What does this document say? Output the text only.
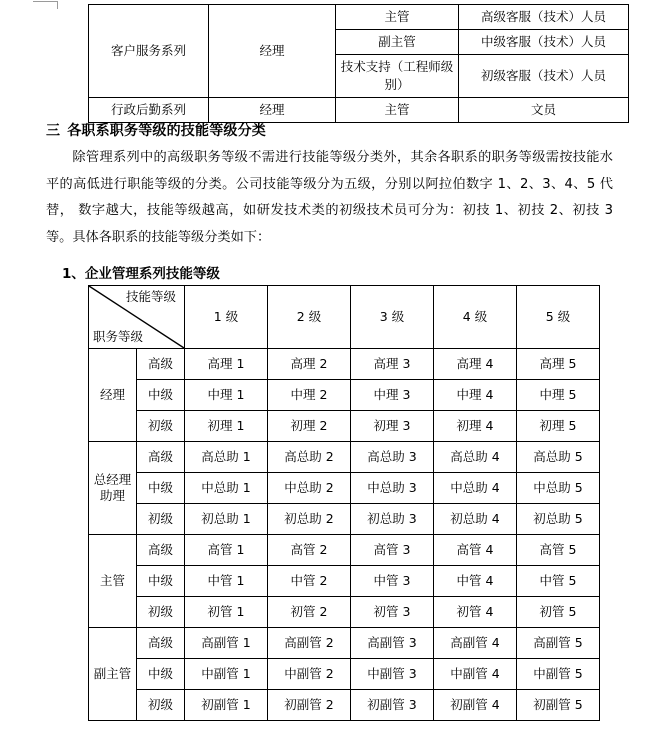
客户服务系列	经理	主管	高级客服（技术）人员
		副主管	中级客服（技术）人员
		技术支持（工程师级别）	初级客服（技术）人员
行政后勤系列	经理	主管	文员
三 各职系职务等级的技能等级分类
除管理系列中的高级职务等级不需进行技能等级分类外，其余各职系的职务等级需按技能水平的高低进行职能等级的分类。公司技能等级分为五级，分别以阿拉伯数字 1、2、3、4、5 代替， 数字越大，技能等级越高，如研发技术类的初级技术员可分为：初技 1、初技 2、初技 3 等。具体各职系的技能等级分类如下：
1、企业管理系列技能等级
技能等级
职务等级		1 级	2 级	3 级	4 级	5 级
经理	高级	高理 1	高理 2	高理 3	高理 4	高理 5
	中级	中理 1	中理 2	中理 3	中理 4	中理 5
	初级	初理 1	初理 2	初理 3	初理 4	初理 5
总经理助理	高级	高总助 1	高总助 2	高总助 3	高总助 4	高总助 5
	中级	中总助 1	中总助 2	中总助 3	中总助 4	中总助 5
	初级	初总助 1	初总助 2	初总助 3	初总助 4	初总助 5
主管	高级	高管 1	高管 2	高管 3	高管 4	高管 5
	中级	中管 1	中管 2	中管 3	中管 4	中管 5
	初级	初管 1	初管 2	初管 3	初管 4	初管 5
副主管	高级	高副管 1	高副管 2	高副管 3	高副管 4	高副管 5
	中级	中副管 1	中副管 2	中副管 3	中副管 4	中副管 5
	初级	初副管 1	初副管 2	初副管 3	初副管 4	初副管 5
